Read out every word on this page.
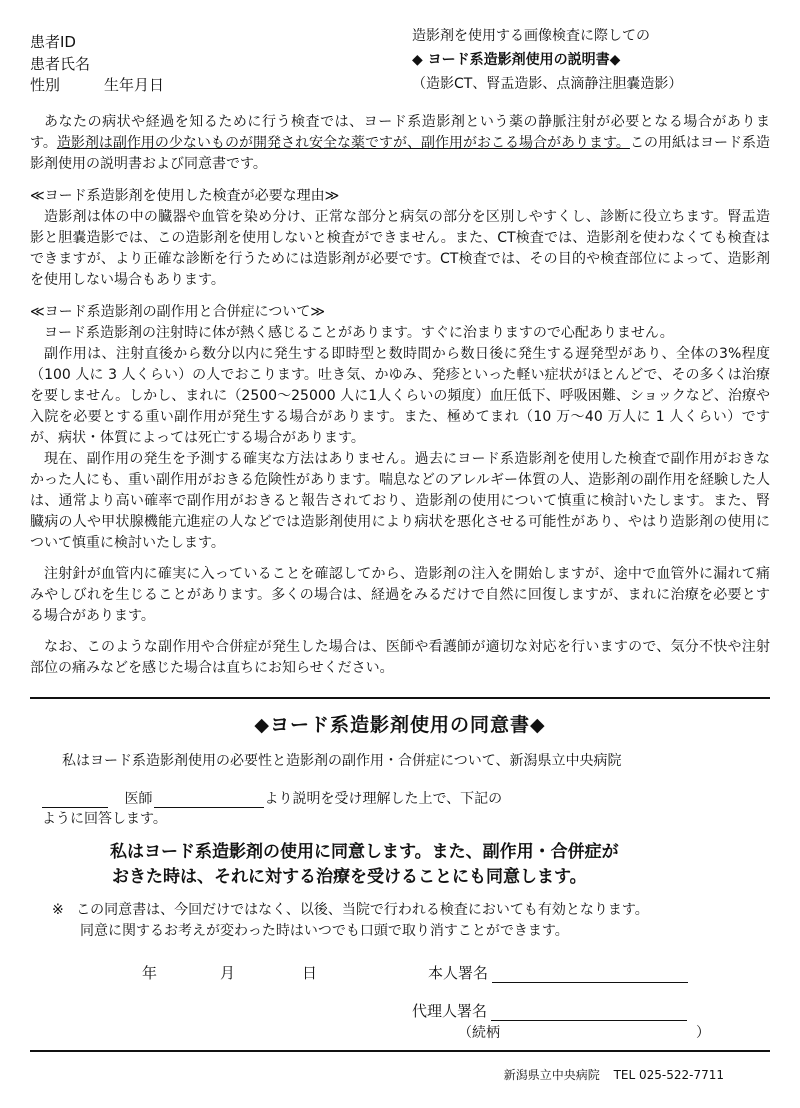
患者ID
患者氏名
性別	生年月日
造影剤を使用する画像検査に際しての
◆ ヨード系造影剤使用の説明書◆
（造影CT、腎盂造影、点滴静注胆嚢造影）

あなたの病状や経過を知るために行う検査では、ヨード系造影剤という薬の静脈注射が必要となる場合があります。造影剤は副作用の少ないものが開発され安全な薬ですが、副作用がおこる場合があります。この用紙はヨード系造影剤使用の説明書および同意書です。

≪ヨード系造影剤を使用した検査が必要な理由≫

造影剤は体の中の臓器や血管を染め分け、正常な部分と病気の部分を区別しやすくし、診断に役立ちます。腎盂造影と胆嚢造影では、この造影剤を使用しないと検査ができません。また、CT検査では、造影剤を使わなくても検査はできますが、より正確な診断を行うためには造影剤が必要です。CT検査では、その目的や検査部位によって、造影剤を使用しない場合もあります。

≪ヨード系造影剤の副作用と合併症について≫

ヨード系造影剤の注射時に体が熱く感じることがあります。すぐに治まりますので心配ありません。

副作用は、注射直後から数分以内に発生する即時型と数時間から数日後に発生する遅発型があり、全体の3%程度（100 人に 3 人くらい）の人でおこります。吐き気、かゆみ、発疹といった軽い症状がほとんどで、その多くは治療を要しません。しかし、まれに（2500〜25000 人に1人くらいの頻度）血圧低下、呼吸困難、ショックなど、治療や入院を必要とする重い副作用が発生する場合があります。また、極めてまれ（10 万〜40 万人に 1 人くらい）ですが、病状・体質によっては死亡する場合があります。

現在、副作用の発生を予測する確実な方法はありません。過去にヨード系造影剤を使用した検査で副作用がおきなかった人にも、重い副作用がおきる危険性があります。喘息などのアレルギー体質の人、造影剤の副作用を経験した人は、通常より高い確率で副作用がおきると報告されており、造影剤の使用について慎重に検討いたします。また、腎臓病の人や甲状腺機能亢進症の人などでは造影剤使用により病状を悪化させる可能性があり、やはり造影剤の使用について慎重に検討いたします。

注射針が血管内に確実に入っていることを確認してから、造影剤の注入を開始しますが、途中で血管外に漏れて痛みやしびれを生じることがあります。多くの場合は、経過をみるだけで自然に回復しますが、まれに治療を必要とする場合があります。

なお、このような副作用や合併症が発生した場合は、医師や看護師が適切な対応を行いますので、気分不快や注射部位の痛みなどを感じた場合は直ちにお知らせください。

◆ヨード系造影剤使用の同意書◆
私はヨード系造影剤使用の必要性と造影剤の副作用・合併症について、新潟県立中央病院
医師	より説明を受け理解した上で、下記の
ように回答します。
私はヨード系造影剤の使用に同意します。また、副作用・合併症が
おきた時は、それに対する治療を受けることにも同意します。
※ この同意書は、今回だけではなく、以後、当院で行われる検査においても有効となります。
同意に関するお考えが変わった時はいつでも口頭で取り消すことができます。
年	月	日	本人署名
代理人署名
（続柄	）
新潟県立中央病院 TEL 025-522-7711
